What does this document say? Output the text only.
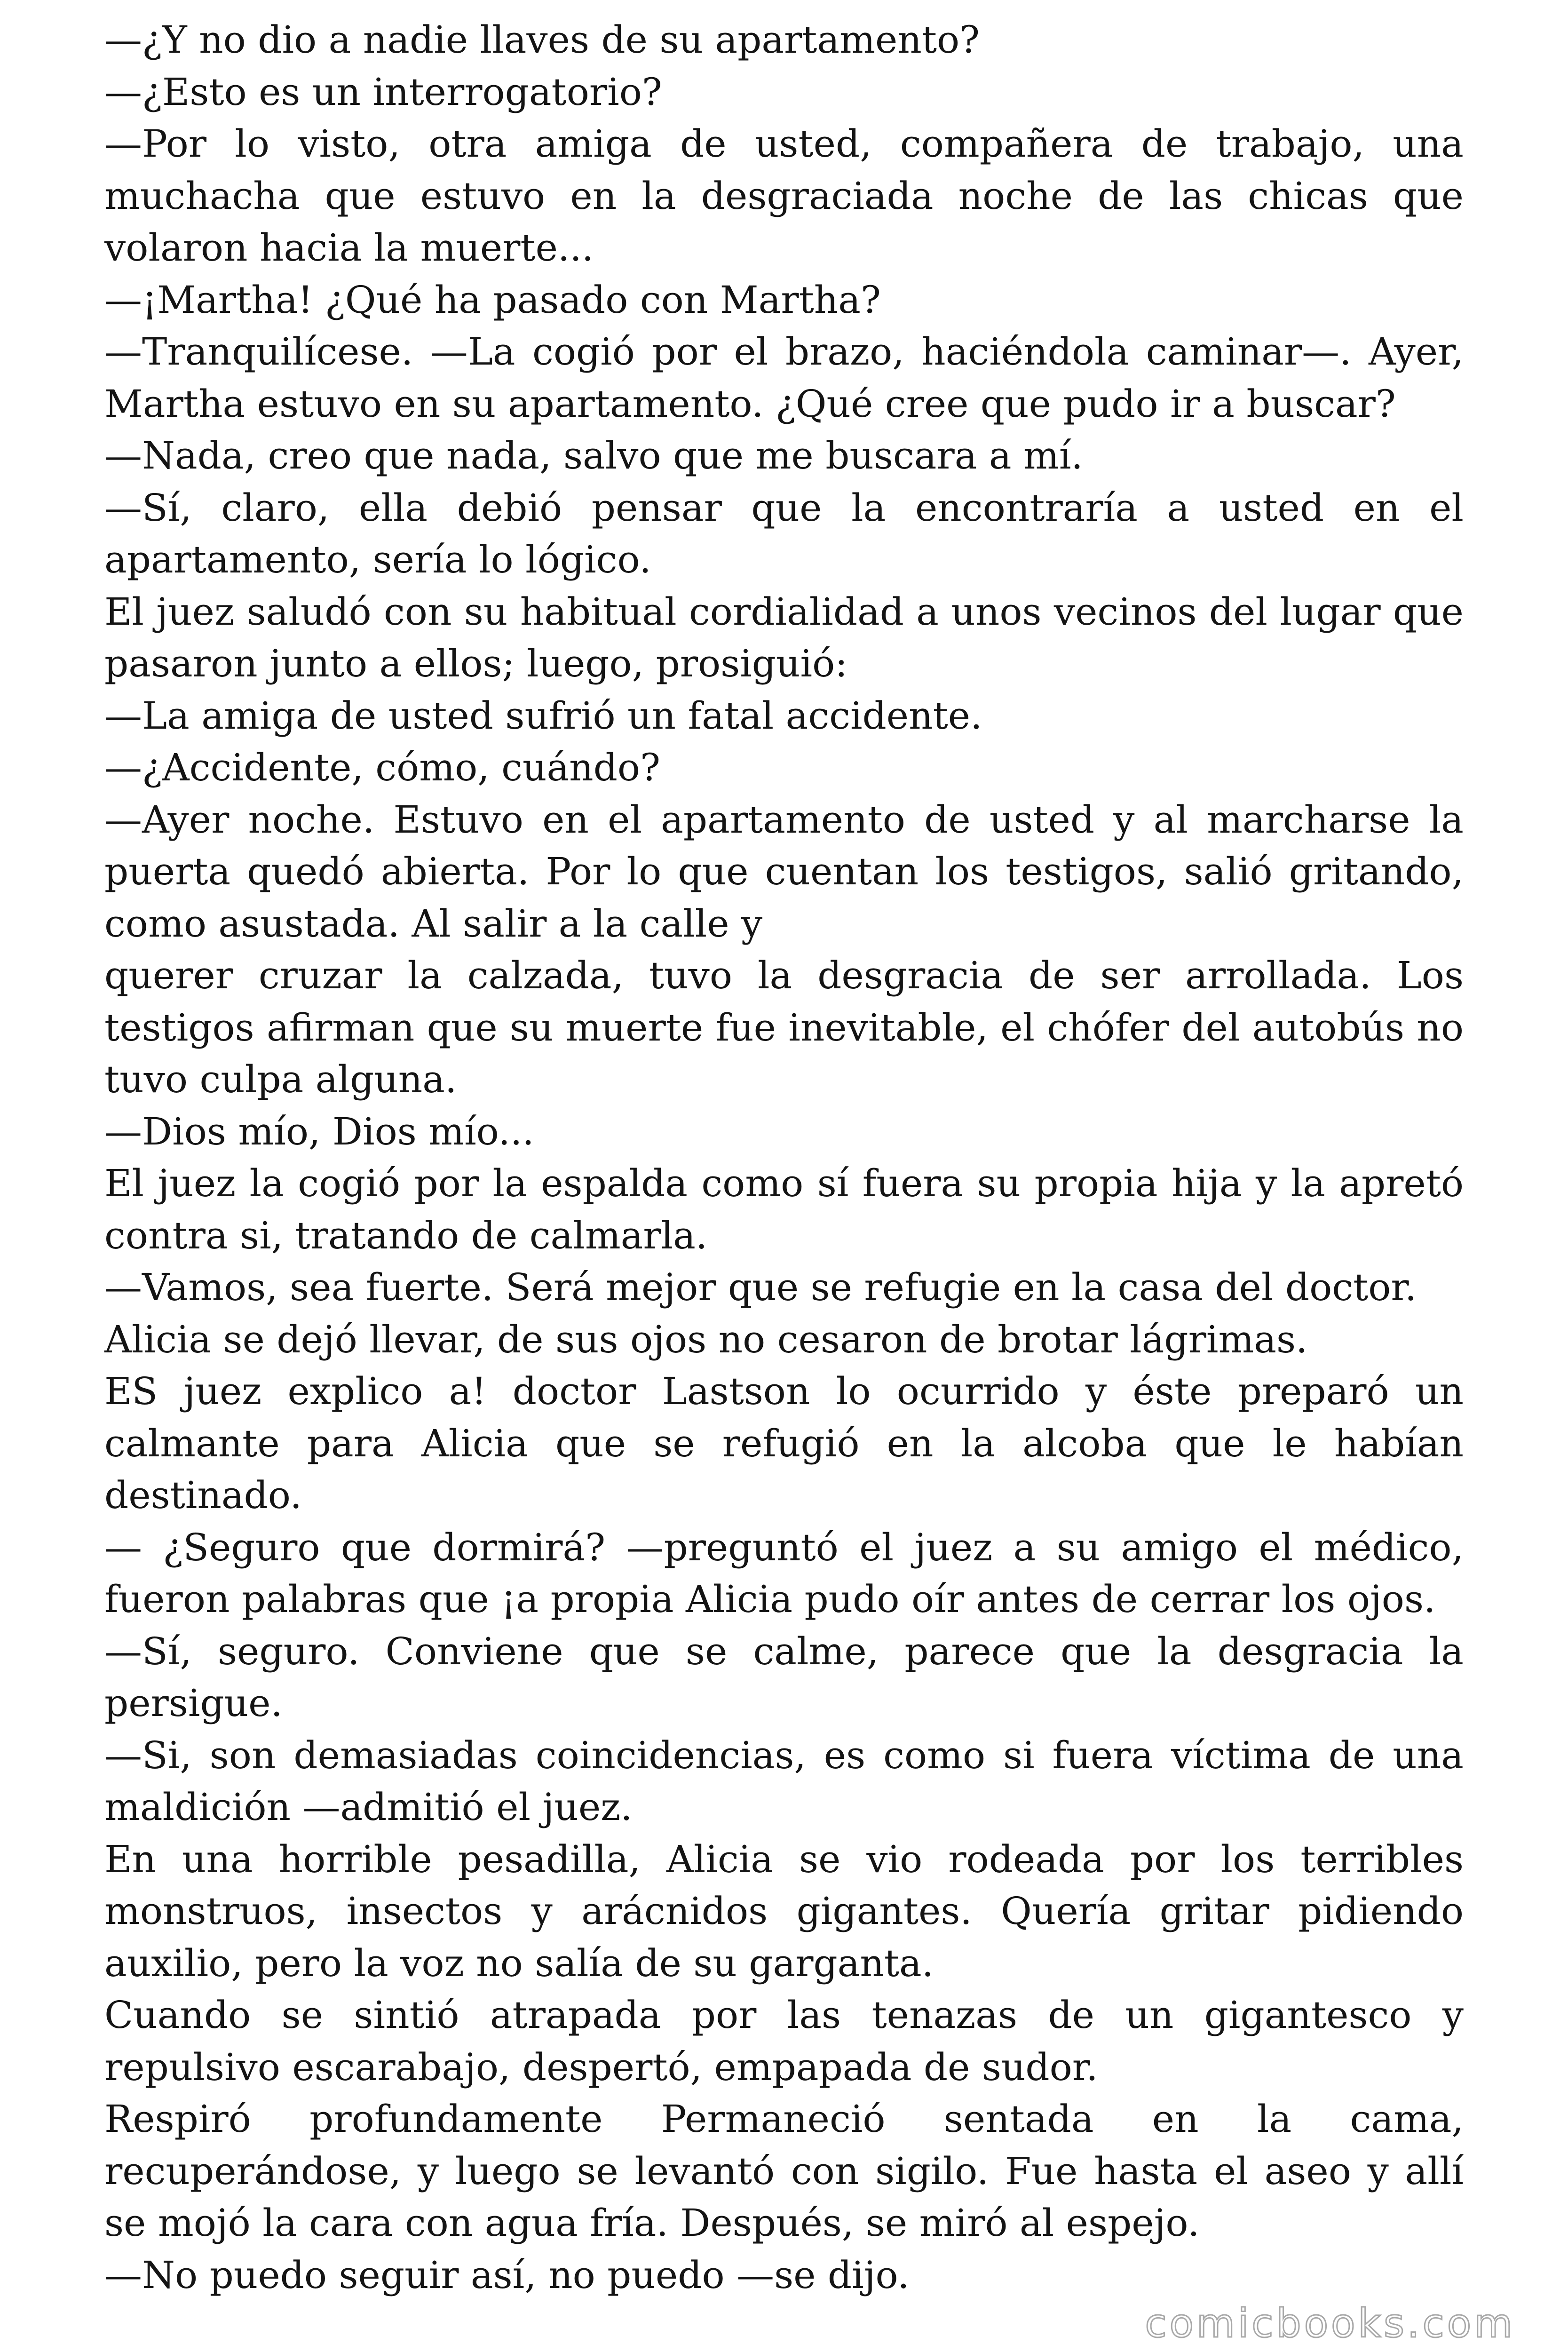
—¿Y no dio a nadie llaves de su apartamento?

—¿Esto es un interrogatorio?

—Por lo visto, otra amiga de usted, compañera de trabajo, una muchacha que estuvo en la desgraciada noche de las chicas que volaron hacia la muerte...

—¡Martha! ¿Qué ha pasado con Martha?

—Tranquilícese. —La cogió por el brazo, haciéndola caminar—. Ayer, Martha estuvo en su apartamento. ¿Qué cree que pudo ir a buscar?

—Nada, creo que nada, salvo que me buscara a mí.

—Sí, claro, ella debió pensar que la encontraría a usted en el apartamento, sería lo lógico.

El juez saludó con su habitual cordialidad a unos vecinos del lugar que pasaron junto a ellos; luego, prosiguió:

—La amiga de usted sufrió un fatal accidente.

—¿Accidente, cómo, cuándo?

—Ayer noche. Estuvo en el apartamento de usted y al marcharse la puerta quedó abierta. Por lo que cuentan los testigos, salió gritando, como asustada. Al salir a la calle y

querer cruzar la calzada, tuvo la desgracia de ser arrollada. Los testigos afirman que su muerte fue inevitable, el chófer del autobús no tuvo culpa alguna.

—Dios mío, Dios mío...

El juez la cogió por la espalda como sí fuera su propia hija y la apretó contra si, tratando de calmarla.

—Vamos, sea fuerte. Será mejor que se refugie en la casa del doctor.

Alicia se dejó llevar, de sus ojos no cesaron de brotar lágrimas.

ES juez explico a! doctor Lastson lo ocurrido y éste preparó un calmante para Alicia que se refugió en la alcoba que le habían destinado.

— ¿Seguro que dormirá? —preguntó el juez a su amigo el médico, fueron palabras que ¡a propia Alicia pudo oír antes de cerrar los ojos.

—Sí, seguro. Conviene que se calme, parece que la desgracia la persigue.

—Si, son demasiadas coincidencias, es como si fuera víctima de una maldición —admitió el juez.

En una horrible pesadilla, Alicia se vio rodeada por los terribles monstruos, insectos y arácnidos gigantes. Quería gritar pidiendo auxilio, pero la voz no salía de su garganta.

Cuando se sintió atrapada por las tenazas de un gigantesco y repulsivo escarabajo, despertó, empapada de sudor.

Respiró profundamente Permaneció sentada en la cama, recuperándose, y luego se levantó con sigilo. Fue hasta el aseo y allí se mojó la cara con agua fría. Después, se miró al espejo.

—No puedo seguir así, no puedo —se dijo.

comicbooks.com
